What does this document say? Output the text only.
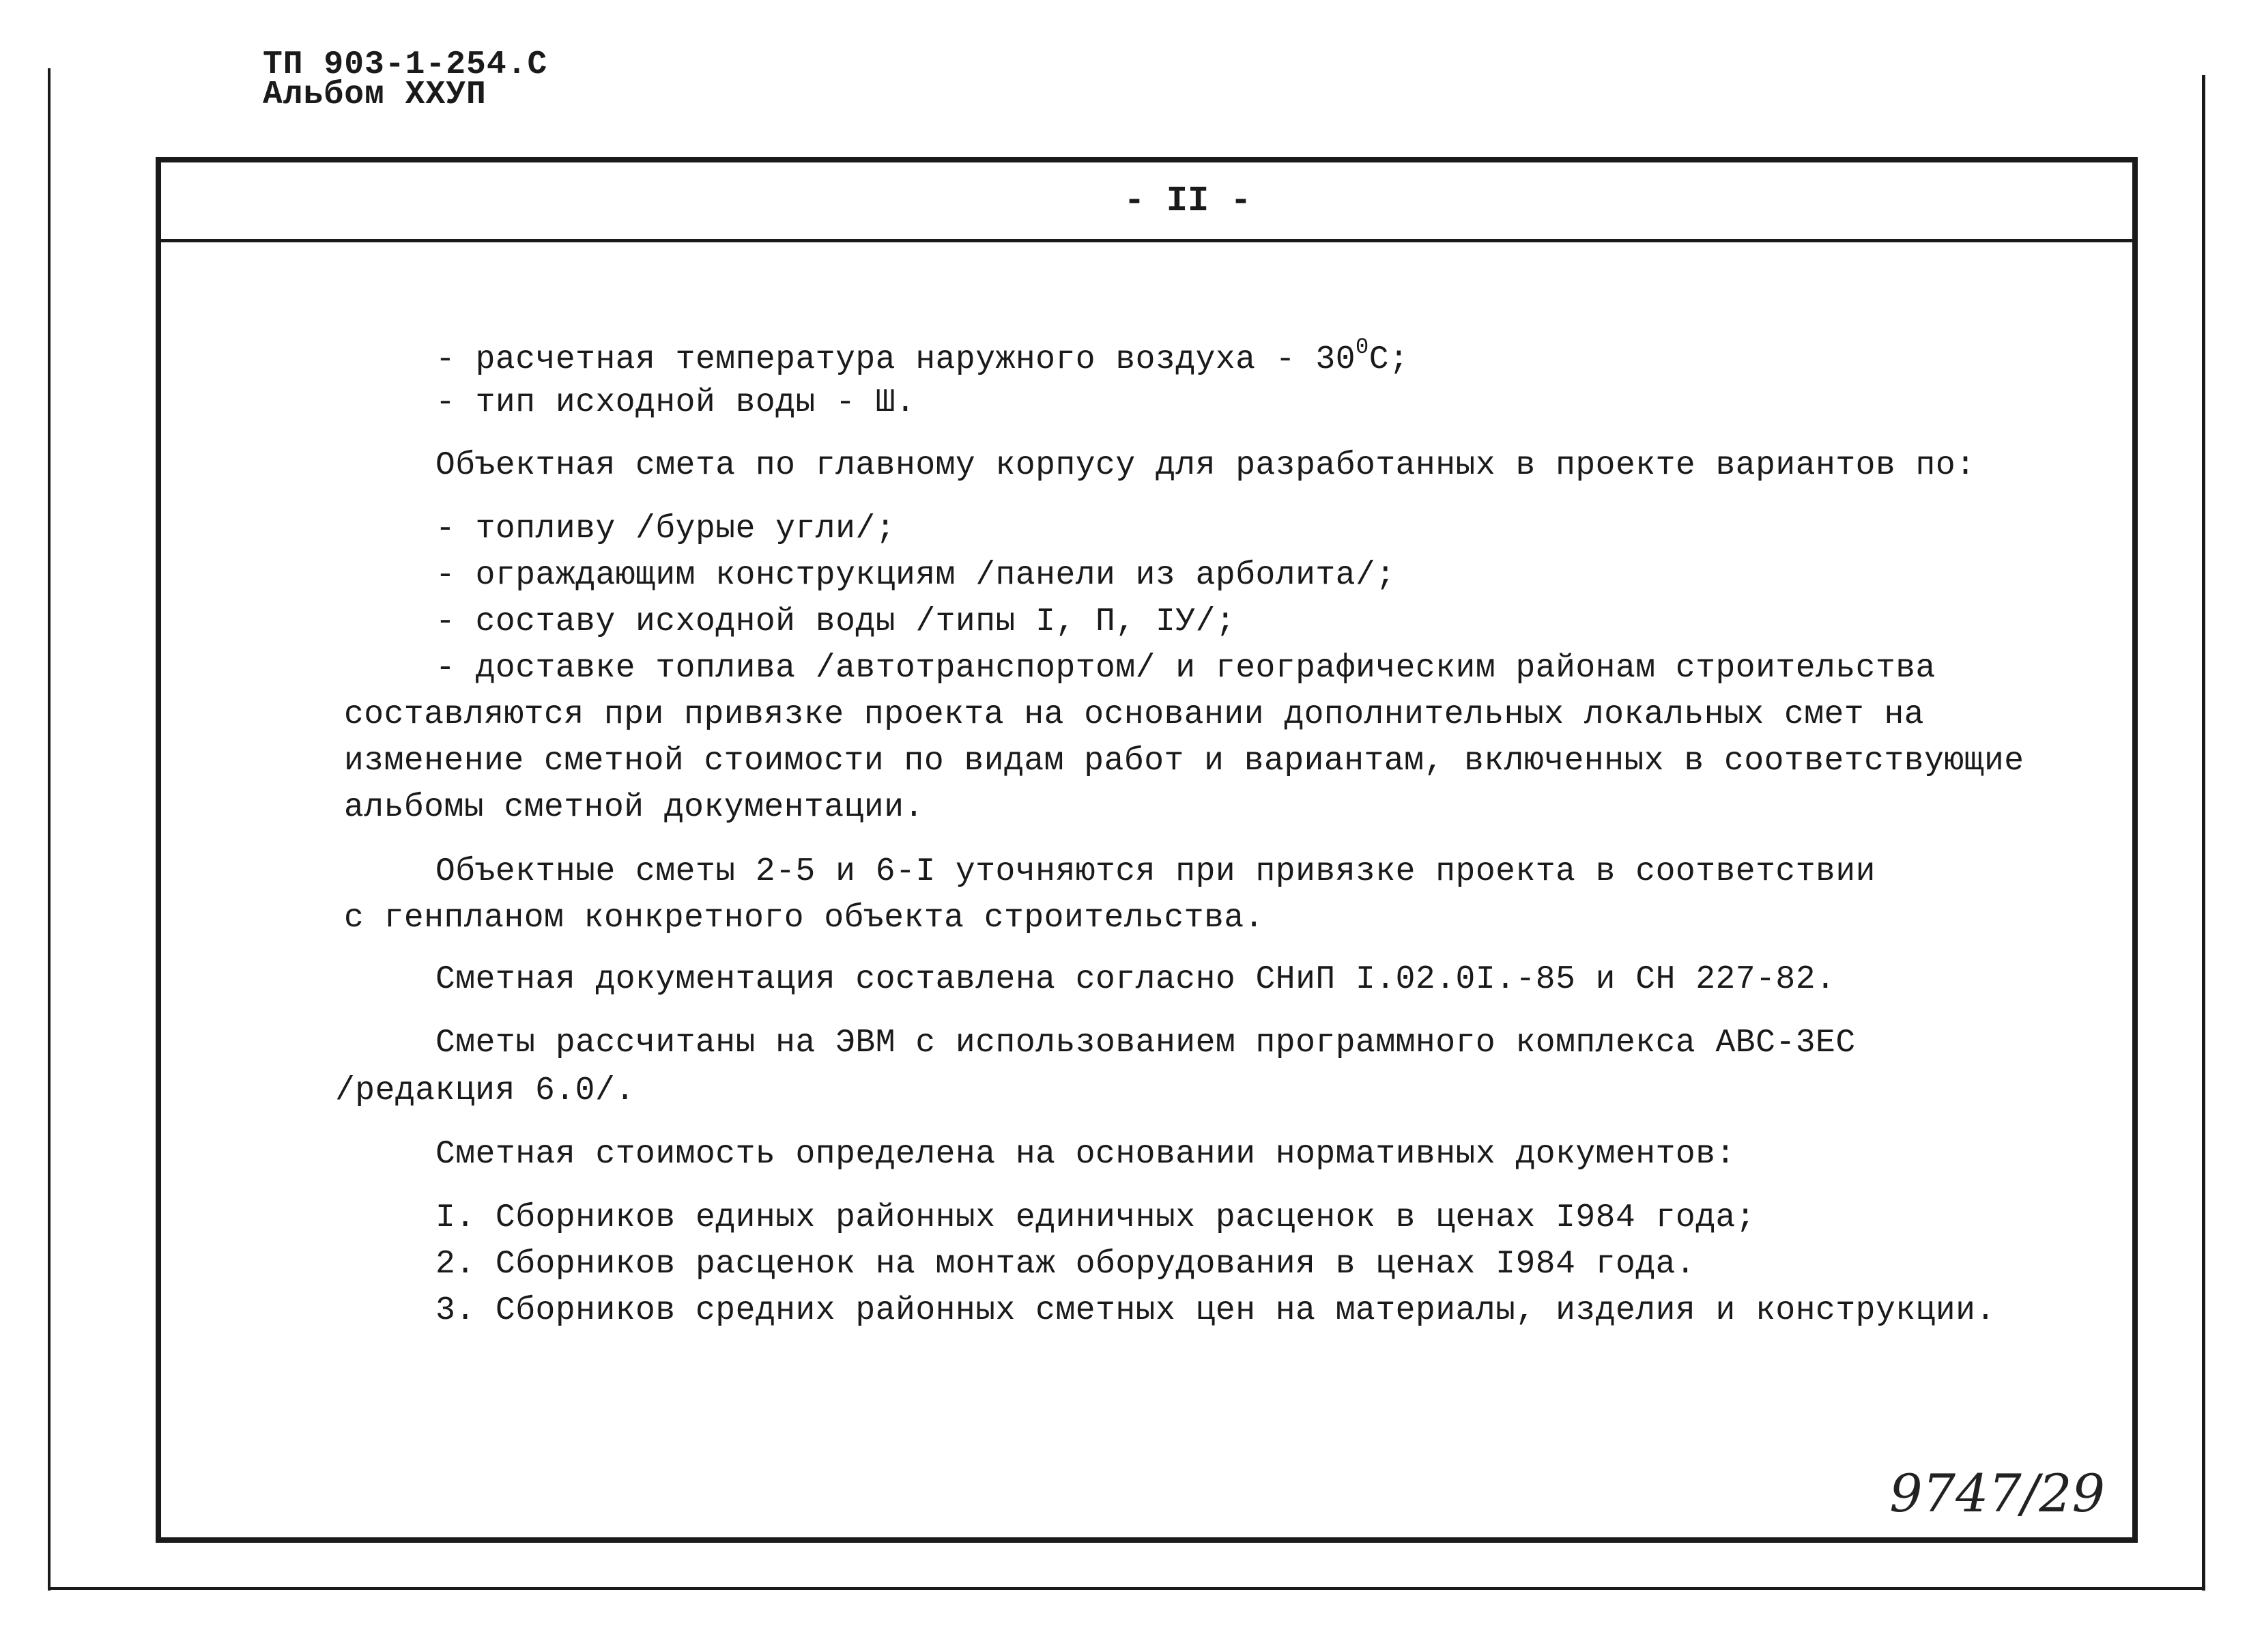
ТП 903-1-254.С
Альбом ХХУП
- II -
- расчетная температура наружного воздуха - $30^0С$;
- тип исходной воды - Ш.
Объектная смета по главному корпусу для разработанных в проекте вариантов по:
- топливу /бурые угли/;
- ограждающим конструкциям /панели из арболита/;
- составу исходной воды /типы I, П, IУ/;
- доставке топлива /автотранспортом/ и географическим районам строительства
составляются при привязке проекта на основании дополнительных локальных смет на
изменение сметной стоимости по видам работ и вариантам, включенных в соответствующие
альбомы сметной документации.
Объектные сметы 2-5 и 6-I уточняются при привязке проекта в соответствии
с генпланом конкретного объекта строительства.
Сметная документация составлена согласно СНиП I.02.0I.-85 и СН 227-82.
Сметы рассчитаны на ЭВМ с использованием программного комплекса АВС-3ЕС
/редакция 6.0/.
Сметная стоимость определена на основании нормативных документов:
I. Сборников единых районных единичных расценок в ценах I984 года;
2. Сборников расценок на монтаж оборудования в ценах I984 года.
3. Сборников средних районных сметных цен на материалы, изделия и конструкции.
9747/29
